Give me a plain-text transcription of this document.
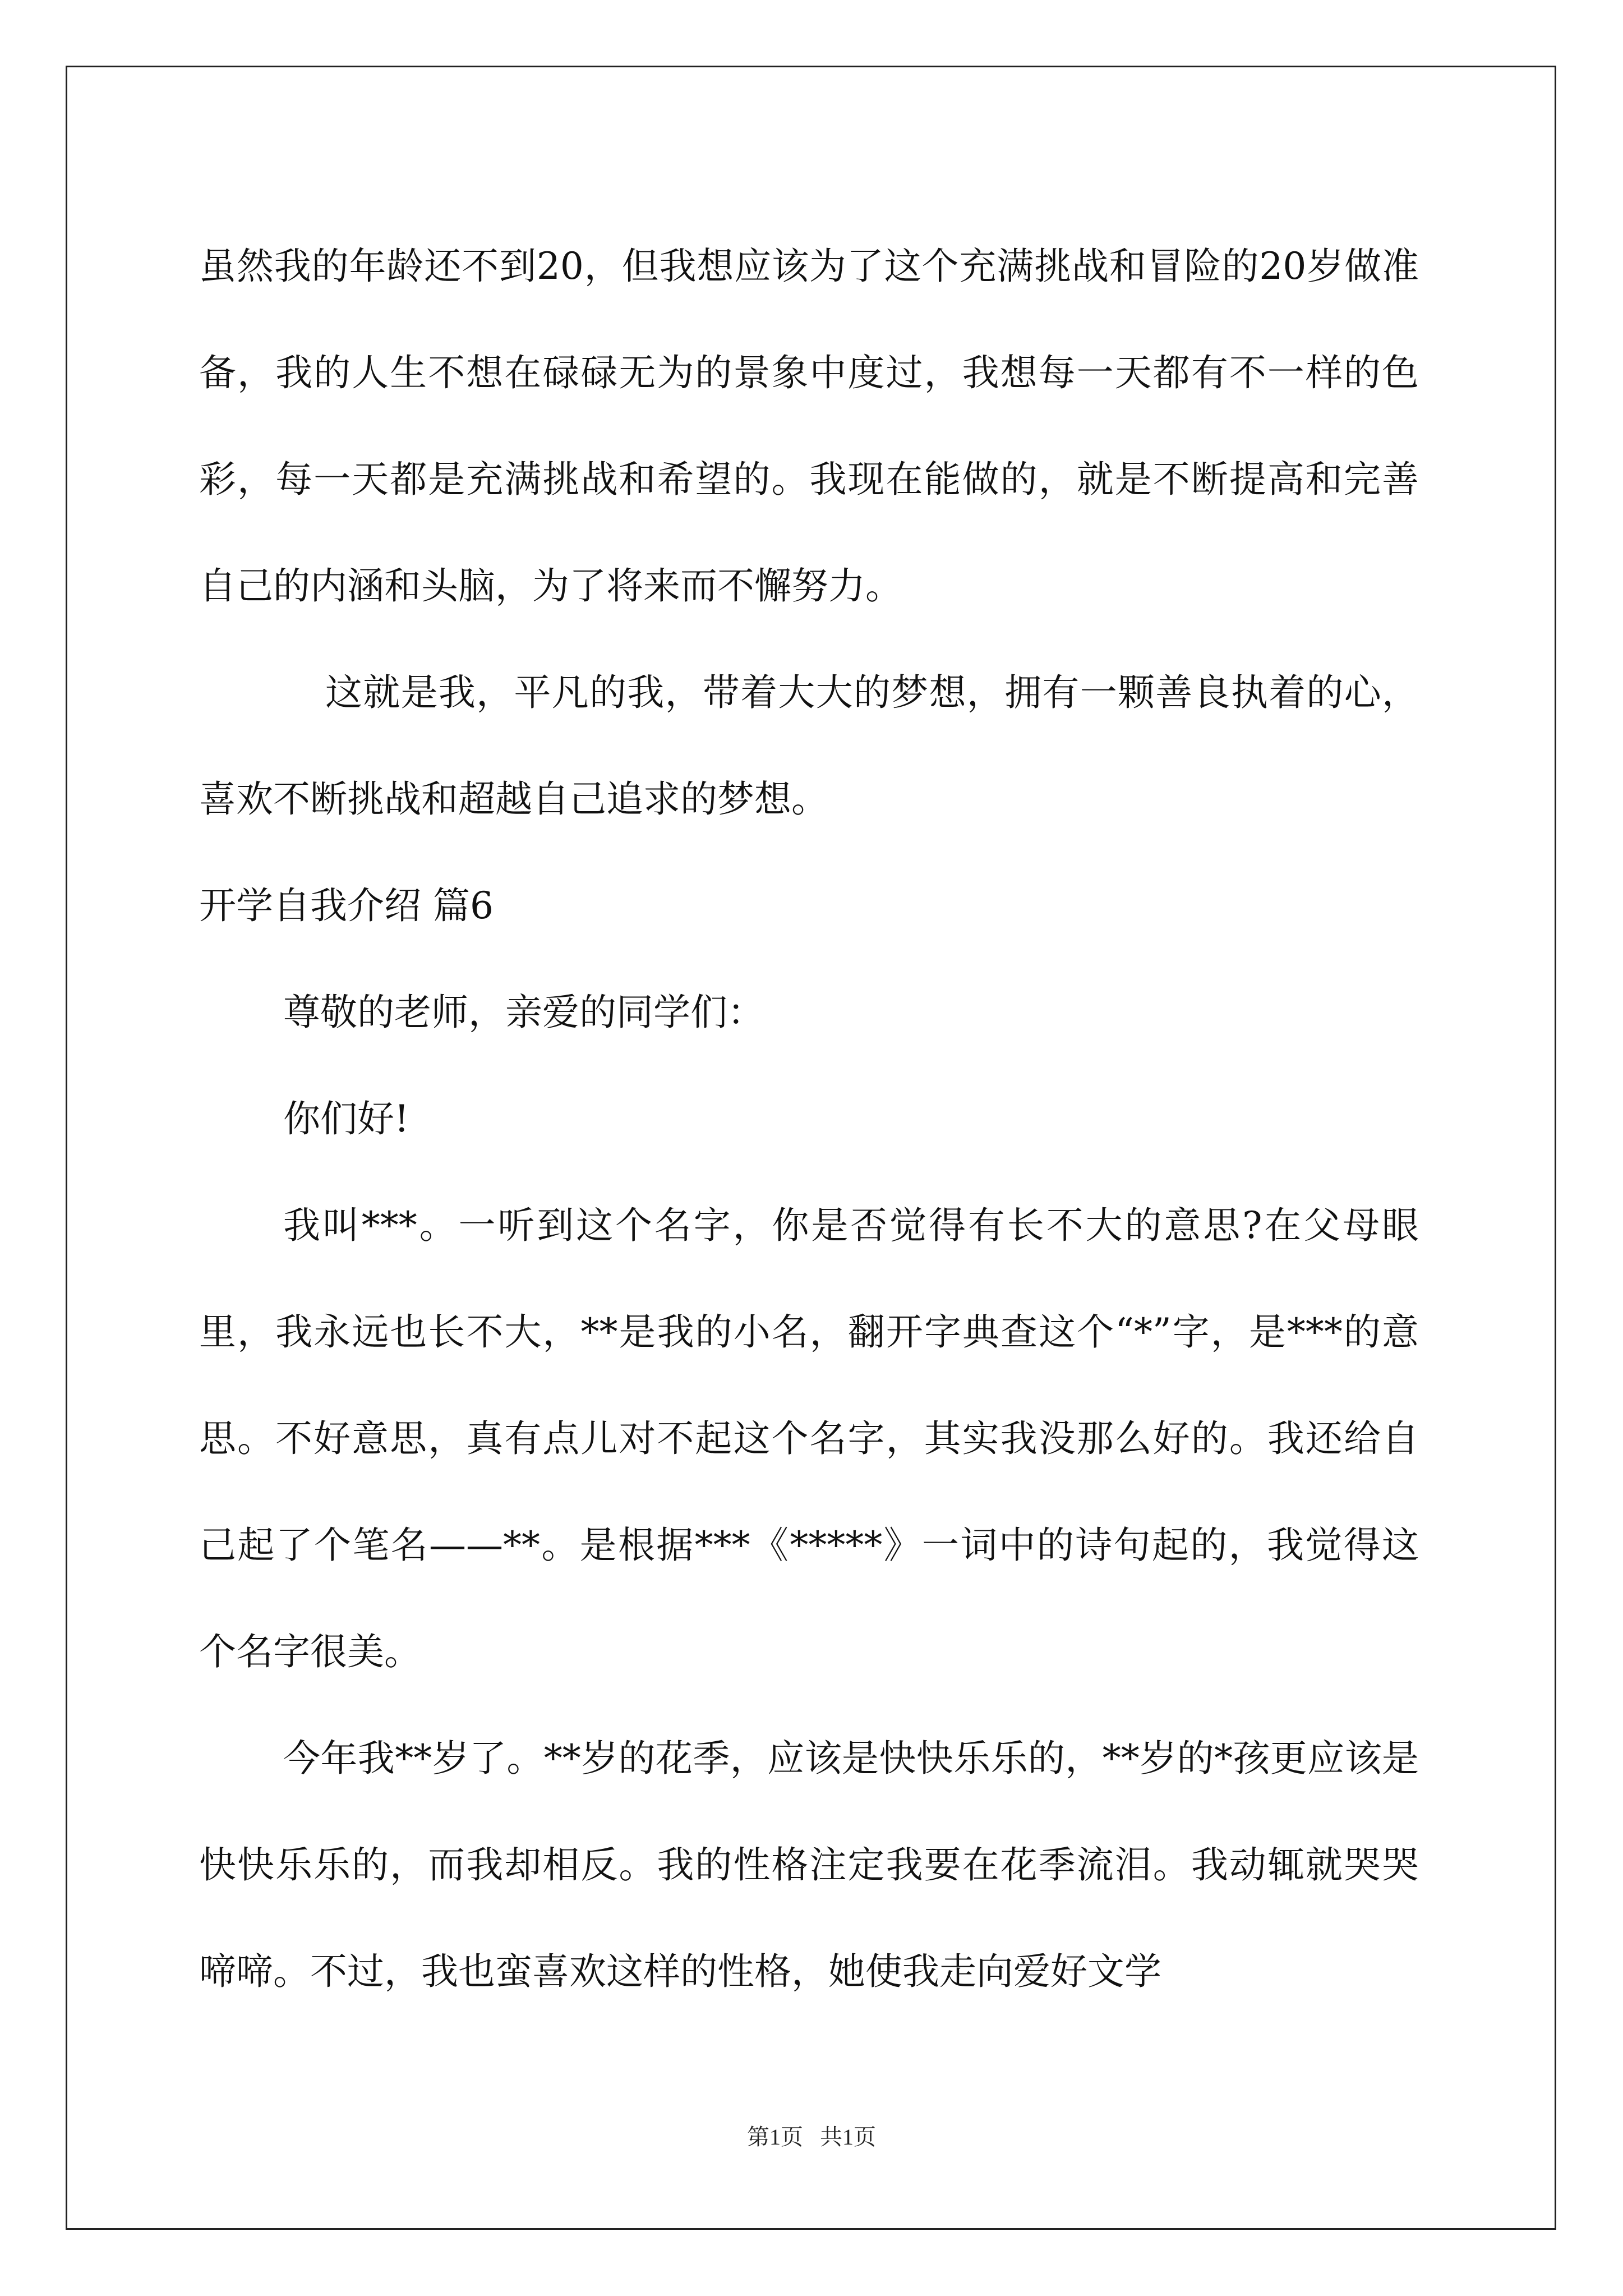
虽然我的年龄还不到20，但我想应该为了这个充满挑战和冒险的20岁做准备，我的人生不想在碌碌无为的景象中度过，我想每一天都有不一样的色彩，每一天都是充满挑战和希望的。我现在能做的，就是不断提高和完善自己的内涵和头脑，为了将来而不懈努力。

这就是我，平凡的我，带着大大的梦想，拥有一颗善良执着的心，喜欢不断挑战和超越自己追求的梦想。

开学自我介绍 篇6

尊敬的老师，亲爱的同学们：

你们好!

我叫***。一听到这个名字，你是否觉得有长不大的意思?在父母眼里，我永远也长不大，**是我的小名，翻开字典查这个“*”字，是***的意思。不好意思，真有点儿对不起这个名字，其实我没那么好的。我还给自己起了个笔名——**。是根据***《*****》一词中的诗句起的，我觉得这个名字很美。

今年我**岁了。**岁的花季，应该是快快乐乐的，**岁的*孩更应该是快快乐乐的，而我却相反。我的性格注定我要在花季流泪。我动辄就哭哭啼啼。不过，我也蛮喜欢这样的性格，她使我走向爱好文学

第1页 共1页
